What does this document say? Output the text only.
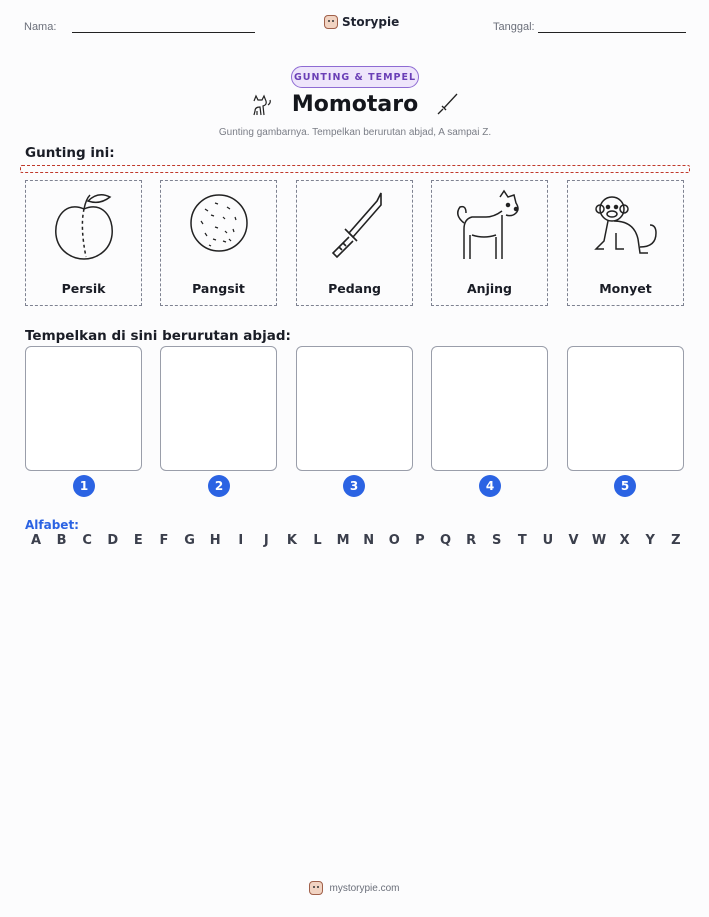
Nama:	Storypie	Tanggal:
GUNTING & TEMPEL
Momotaro
Gunting gambarnya. Tempelkan berurutan abjad, A sampai Z.
Gunting ini:
Persik	Pangsit	Pedang	Anjing	Monyet
Tempelkan di sini berurutan abjad:
1	2	3	4	5
Alfabet:
A	B	C	D	E	F	G	H	I	J	K	L	M	N	O	P	Q	R	S	T	U	V	W	X	Y	Z
mystorypie.com
